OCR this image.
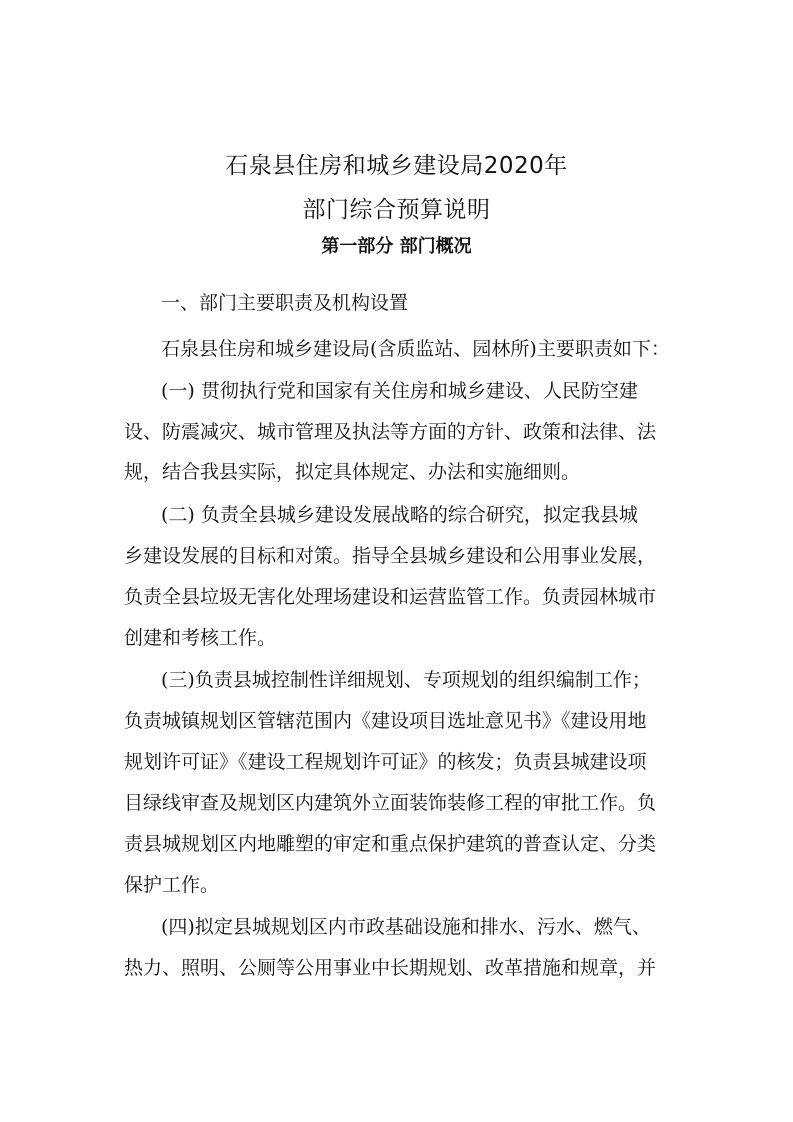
石泉县住房和城乡建设局2020年
部门综合预算说明
第一部分 部门概况
一、部门主要职责及机构设置
石泉县住房和城乡建设局(含质监站、园林所)主要职责如下：
(一) 贯彻执行党和国家有关住房和城乡建设、人民防空建
设、防震减灾、城市管理及执法等方面的方针、政策和法律、法
规，结合我县实际，拟定具体规定、办法和实施细则。
(二) 负责全县城乡建设发展战略的综合研究，拟定我县城
乡建设发展的目标和对策。指导全县城乡建设和公用事业发展，
负责全县垃圾无害化处理场建设和运营监管工作。负责园林城市
创建和考核工作。
(三)负责县城控制性详细规划、专项规划的组织编制工作；
负责城镇规划区管辖范围内《建设项目选址意见书》《建设用地
规划许可证》《建设工程规划许可证》的核发；负责县城建设项
目绿线审查及规划区内建筑外立面装饰装修工程的审批工作。负
责县城规划区内地雕塑的审定和重点保护建筑的普查认定、分类
保护工作。
(四)拟定县城规划区内市政基础设施和排水、污水、燃气、
热力、照明、公厕等公用事业中长期规划、改革措施和规章，并
